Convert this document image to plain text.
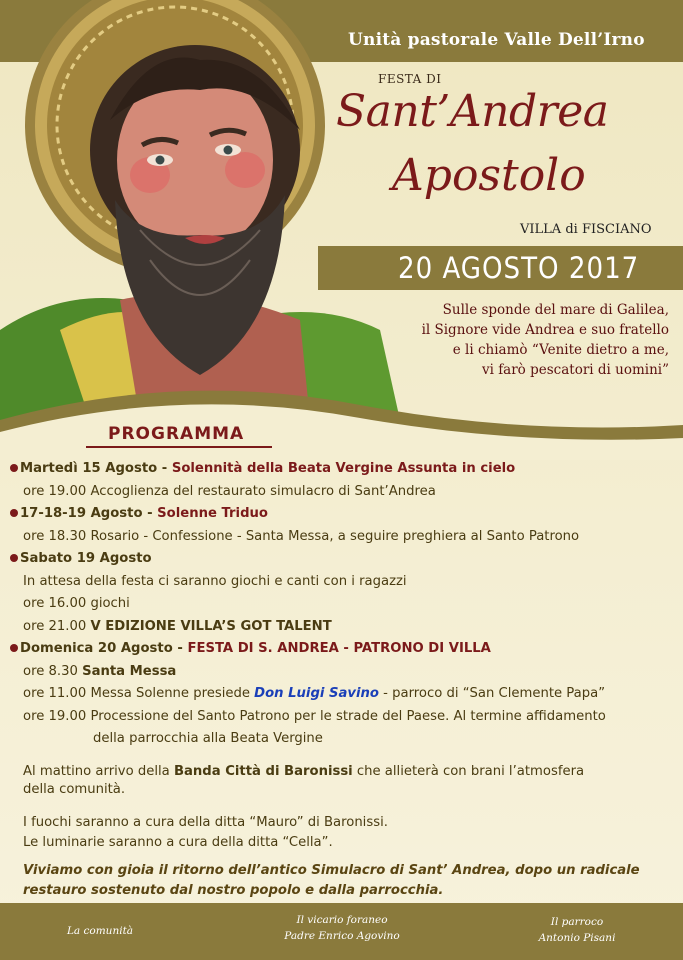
Unità pastorale Valle Dell’Irno
FESTA DI
Sant’Andrea
Apostolo
VILLA di FISCIANO
20 AGOSTO 2017
Sulle sponde del mare di Galilea,
il Signore vide Andrea e suo fratello
e li chiamò “Venite dietro a me,
vi farò pescatori di uomini”
PROGRAMMA
Martedì 15 Agosto - Solennità della Beata Vergine Assunta in cielo
ore 19.00 Accoglienza del restaurato simulacro di Sant’Andrea
17-18-19 Agosto - Solenne Triduo
ore 18.30 Rosario - Confessione - Santa Messa, a seguire preghiera al Santo Patrono
Sabato 19 Agosto
In attesa della festa ci saranno giochi e canti con i ragazzi
ore 16.00 giochi
ore 21.00 V EDIZIONE VILLA’S GOT TALENT
Domenica 20 Agosto - FESTA DI S. ANDREA - PATRONO DI VILLA
ore 8.30 Santa Messa
ore 11.00 Messa Solenne presiede Don Luigi Savino - parroco di “San Clemente Papa”
ore 19.00 Processione del Santo Patrono per le strade del Paese. Al termine affidamento
della parrocchia alla Beata Vergine
Al mattino arrivo della Banda Città di Baronissi che allieterà con brani l’atmosfera
della comunità.
I fuochi saranno a cura della ditta “Mauro” di Baronissi.
Le luminarie saranno a cura della ditta “Cella”.
Viviamo con gioia il ritorno dell’antico Simulacro di Sant’ Andrea, dopo un radicale restauro sostenuto dal nostro popolo e dalla parrocchia.
La comunità
Il vicario foraneo
Padre Enrico Agovino
Il parroco
Antonio Pisani
